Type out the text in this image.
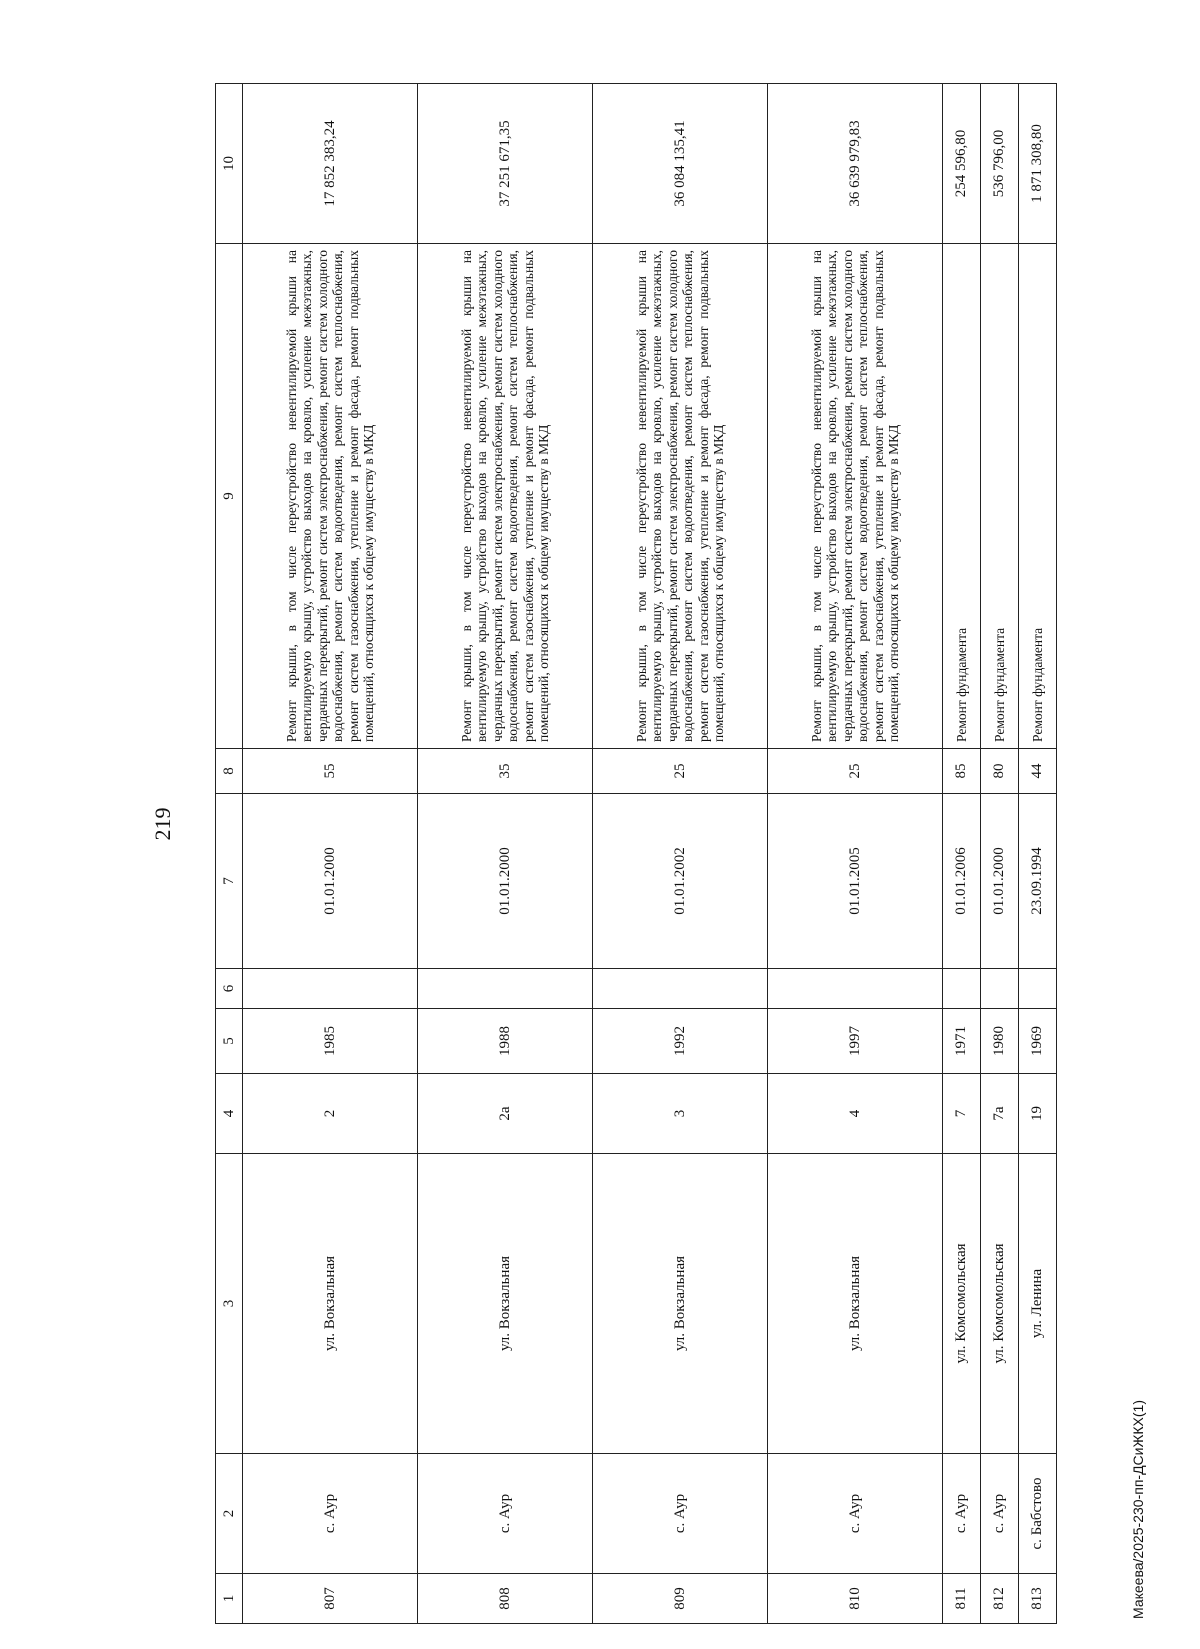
219
1	2	3	4	5	6	7	8	9	10
807	с. Аур	ул. Вокзальная	2	1985		01.01.2000	55	Ремонт крыши, в том числе переустройство невентилируемой крыши на вентилируемую крышу, устройство выходов на кровлю, усиление межэтажных, чердачных перекрытий, ремонт систем электроснабжения, ремонт систем холодного водоснабжения, ремонт систем водоотведения, ремонт систем теплоснабжения, ремонт систем газоснабжения, утепление и ремонт фасада, ремонт подвальных помещений, относящихся к общему имуществу в МКД	17 852 383,24
808	с. Аур	ул. Вокзальная	2а	1988		01.01.2000	35	Ремонт крыши, в том числе переустройство невентилируемой крыши на вентилируемую крышу, устройство выходов на кровлю, усиление межэтажных, чердачных перекрытий, ремонт систем электроснабжения, ремонт систем холодного водоснабжения, ремонт систем водоотведения, ремонт систем теплоснабжения, ремонт систем газоснабжения, утепление и ремонт фасада, ремонт подвальных помещений, относящихся к общему имуществу в МКД	37 251 671,35
809	с. Аур	ул. Вокзальная	3	1992		01.01.2002	25	Ремонт крыши, в том числе переустройство невентилируемой крыши на вентилируемую крышу, устройство выходов на кровлю, усиление межэтажных, чердачных перекрытий, ремонт систем электроснабжения, ремонт систем холодного водоснабжения, ремонт систем водоотведения, ремонт систем теплоснабжения, ремонт систем газоснабжения, утепление и ремонт фасада, ремонт подвальных помещений, относящихся к общему имуществу в МКД	36 084 135,41
810	с. Аур	ул. Вокзальная	4	1997		01.01.2005	25	Ремонт крыши, в том числе переустройство невентилируемой крыши на вентилируемую крышу, устройство выходов на кровлю, усиление межэтажных, чердачных перекрытий, ремонт систем электроснабжения, ремонт систем холодного водоснабжения, ремонт систем водоотведения, ремонт систем теплоснабжения, ремонт систем газоснабжения, утепление и ремонт фасада, ремонт подвальных помещений, относящихся к общему имуществу в МКД	36 639 979,83
811	с. Аур	ул. Комсомольская	7	1971		01.01.2006	85	Ремонт фундамента	254 596,80
812	с. Аур	ул. Комсомольская	7а	1980		01.01.2000	80	Ремонт фундамента	536 796,00
813	с. Бабстово	ул. Ленина	19	1969		23.09.1994	44	Ремонт фундамента	1 871 308,80
Макеева/2025-230-пп-ДСиЖКХ(1)
